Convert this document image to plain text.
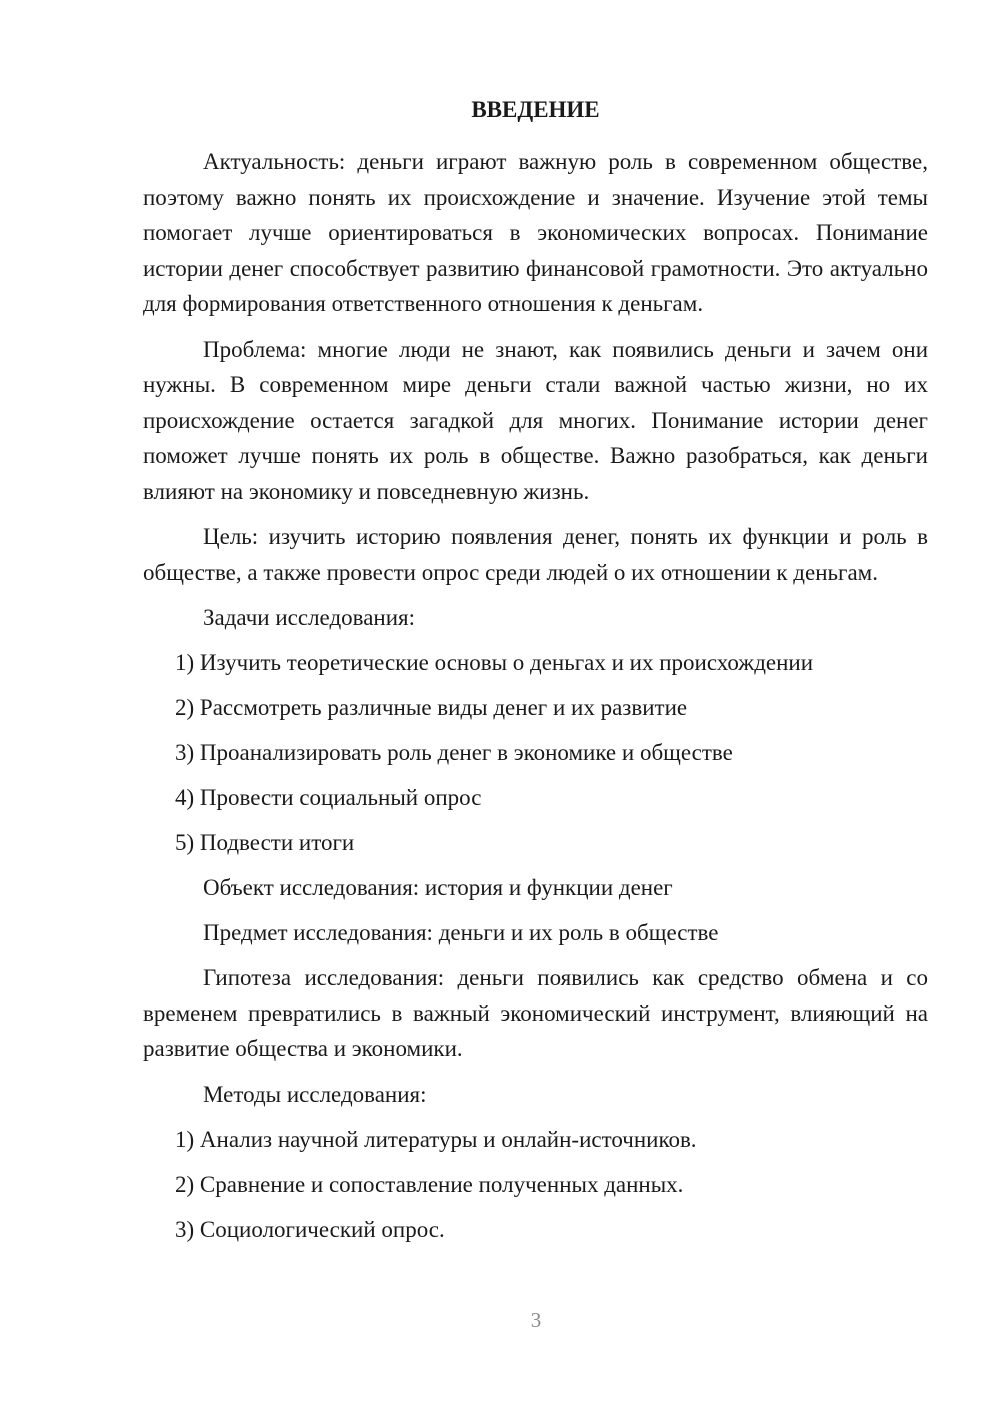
ВВЕДЕНИЕ

Актуальность: деньги играют важную роль в современном обществе, поэтому важно понять их происхождение и значение. Изучение этой темы помогает лучше ориентироваться в экономических вопросах. Понимание истории денег способствует развитию финансовой грамотности. Это актуально для формирования ответственного отношения к деньгам.

Проблема: многие люди не знают, как появились деньги и зачем они нужны. В современном мире деньги стали важной частью жизни, но их происхождение остается загадкой для многих. Понимание истории денег поможет лучше понять их роль в обществе. Важно разобраться, как деньги влияют на экономику и повседневную жизнь.

Цель: изучить историю появления денег, понять их функции и роль в обществе, а также провести опрос среди людей о их отношении к деньгам.

Задачи исследования:
1) Изучить теоретические основы о деньгах и их происхождении
2) Рассмотреть различные виды денег и их развитие
3) Проанализировать роль денег в экономике и обществе
4) Провести социальный опрос
5) Подвести итоги
Объект исследования: история и функции денег
Предмет исследования: деньги и их роль в обществе

Гипотеза исследования: деньги появились как средство обмена и со временем превратились в важный экономический инструмент, влияющий на развитие общества и экономики.

Методы исследования:
1) Анализ научной литературы и онлайн-источников.
2) Сравнение и сопоставление полученных данных.
3) Социологический опрос.
3
